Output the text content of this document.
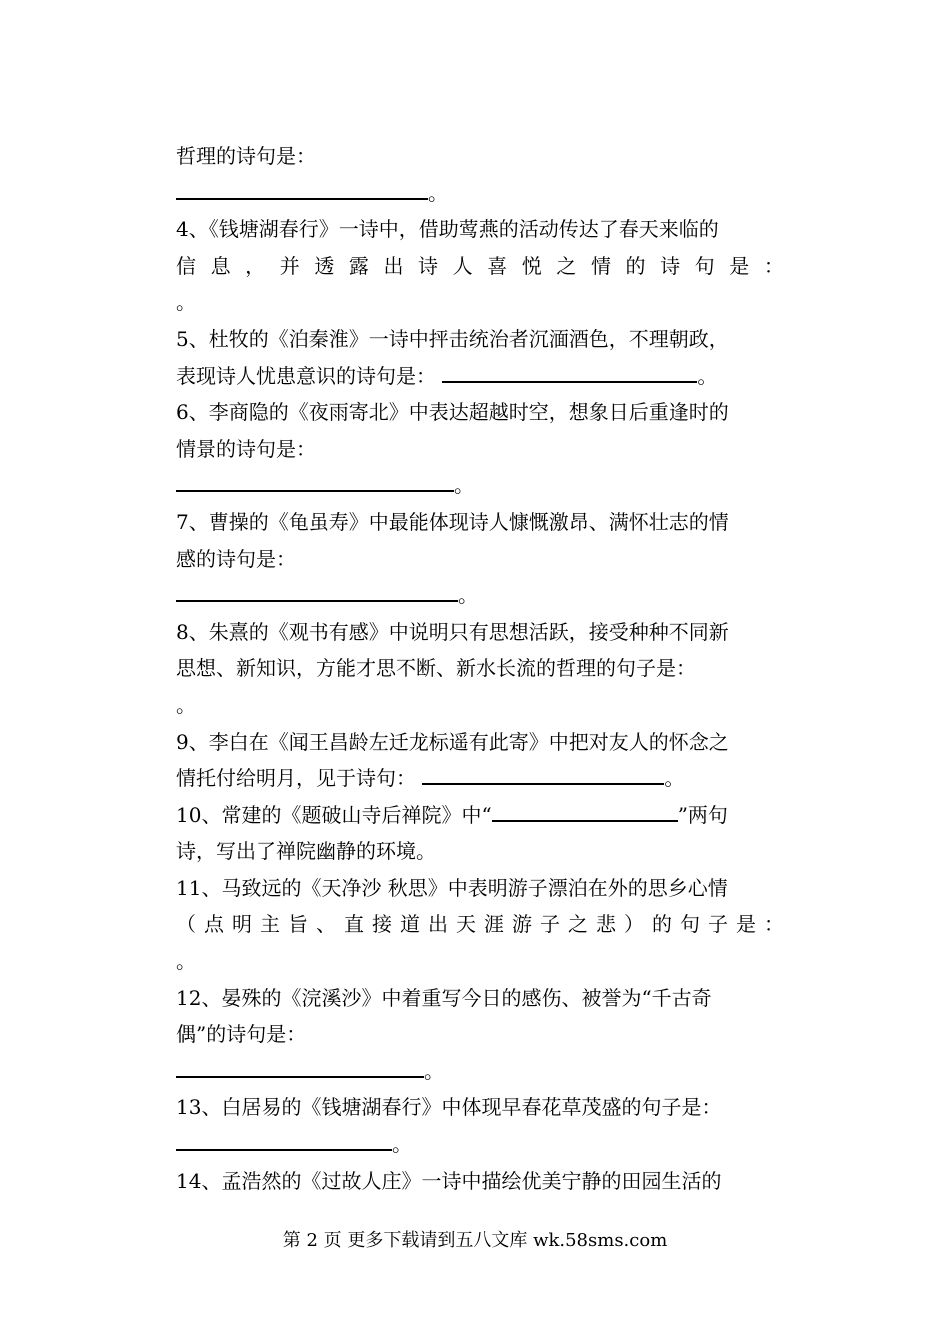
哲理的诗句是：
。
4、《钱塘湖春行》一诗中，借助莺燕的活动传达了春天来临的
信 息 ， 并 透 露 出 诗 人 喜 悦 之 情 的 诗 句 是 ：
。
5、杜牧的《泊秦淮》一诗中抨击统治者沉湎酒色，不理朝政，
表现诗人忧患意识的诗句是：	。
6、李商隐的《夜雨寄北》中表达超越时空，想象日后重逢时的
情景的诗句是：
。
7、曹操的《龟虽寿》中最能体现诗人慷慨激昂、满怀壮志的情
感的诗句是：
。
8、朱熹的《观书有感》中说明只有思想活跃，接受种种不同新
思想、新知识，方能才思不断、新水长流的哲理的句子是：
。
9、李白在《闻王昌龄左迁龙标遥有此寄》中把对友人的怀念之
情托付给明月，见于诗句：	。
10、常建的《题破山寺后禅院》中“	”两句
诗，写出了禅院幽静的环境。
11、马致远的《天净沙 秋思》中表明游子漂泊在外的思乡心情
（ 点 明 主 旨 、 直 接 道 出 天 涯 游 子 之 悲 ） 的 句 子 是 ：
。
12、晏殊的《浣溪沙》中着重写今日的感伤、被誉为“千古奇
偶”的诗句是：
。
13、白居易的《钱塘湖春行》中体现早春花草茂盛的句子是：
。
14、孟浩然的《过故人庄》一诗中描绘优美宁静的田园生活的
第 2 页 更多下载请到五八文库 wk.58sms.com
